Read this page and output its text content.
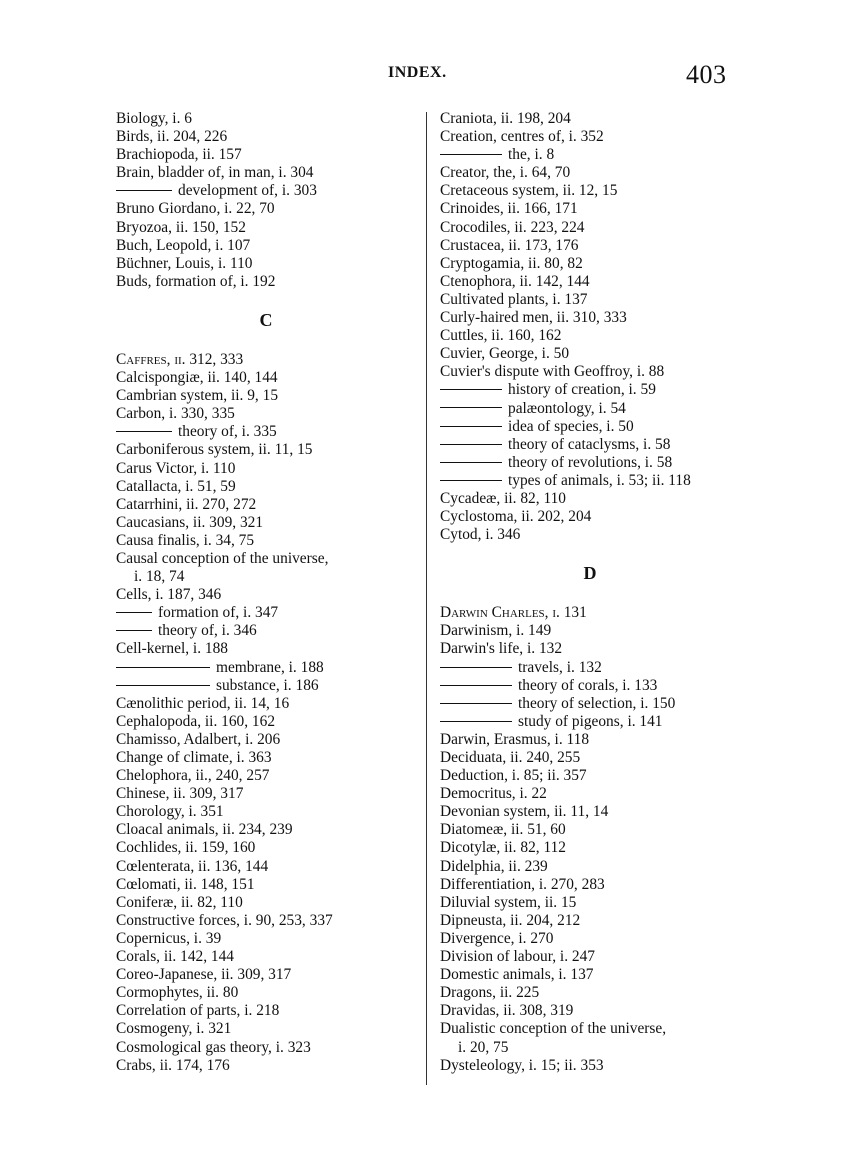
INDEX.	403
Biology, i. 6
Birds, ii. 204, 226
Brachiopoda, ii. 157
Brain, bladder of, in man, i. 304
development of, i. 303
Bruno Giordano, i. 22, 70
Bryozoa, ii. 150, 152
Buch, Leopold, i. 107
Büchner, Louis, i. 110
Buds, formation of, i. 192
C
Caffres, ii. 312, 333
Calcispongiæ, ii. 140, 144
Cambrian system, ii. 9, 15
Carbon, i. 330, 335
theory of, i. 335
Carboniferous system, ii. 11, 15
Carus Victor, i. 110
Catallacta, i. 51, 59
Catarrhini, ii. 270, 272
Caucasians, ii. 309, 321
Causa finalis, i. 34, 75
Causal conception of the universe,
i. 18, 74
Cells, i. 187, 346
formation of, i. 347
theory of, i. 346
Cell-kernel, i. 188
membrane, i. 188
substance, i. 186
Cænolithic period, ii. 14, 16
Cephalopoda, ii. 160, 162
Chamisso, Adalbert, i. 206
Change of climate, i. 363
Chelophora, ii., 240, 257
Chinese, ii. 309, 317
Chorology, i. 351
Cloacal animals, ii. 234, 239
Cochlides, ii. 159, 160
Cœlenterata, ii. 136, 144
Cœlomati, ii. 148, 151
Coniferæ, ii. 82, 110
Constructive forces, i. 90, 253, 337
Copernicus, i. 39
Corals, ii. 142, 144
Coreo-Japanese, ii. 309, 317
Cormophytes, ii. 80
Correlation of parts, i. 218
Cosmogeny, i. 321
Cosmological gas theory, i. 323
Crabs, ii. 174, 176
Craniota, ii. 198, 204
Creation, centres of, i. 352
the, i. 8
Creator, the, i. 64, 70
Cretaceous system, ii. 12, 15
Crinoides, ii. 166, 171
Crocodiles, ii. 223, 224
Crustacea, ii. 173, 176
Cryptogamia, ii. 80, 82
Ctenophora, ii. 142, 144
Cultivated plants, i. 137
Curly-haired men, ii. 310, 333
Cuttles, ii. 160, 162
Cuvier, George, i. 50
Cuvier's dispute with Geoffroy, i. 88
history of creation, i. 59
palæontology, i. 54
idea of species, i. 50
theory of cataclysms, i. 58
theory of revolutions, i. 58
types of animals, i. 53; ii. 118
Cycadeæ, ii. 82, 110
Cyclostoma, ii. 202, 204
Cytod, i. 346
D
Darwin Charles, i. 131
Darwinism, i. 149
Darwin's life, i. 132
travels, i. 132
theory of corals, i. 133
theory of selection, i. 150
study of pigeons, i. 141
Darwin, Erasmus, i. 118
Deciduata, ii. 240, 255
Deduction, i. 85; ii. 357
Democritus, i. 22
Devonian system, ii. 11, 14
Diatomeæ, ii. 51, 60
Dicotylæ, ii. 82, 112
Didelphia, ii. 239
Differentiation, i. 270, 283
Diluvial system, ii. 15
Dipneusta, ii. 204, 212
Divergence, i. 270
Division of labour, i. 247
Domestic animals, i. 137
Dragons, ii. 225
Dravidas, ii. 308, 319
Dualistic conception of the universe,
i. 20, 75
Dysteleology, i. 15; ii. 353
